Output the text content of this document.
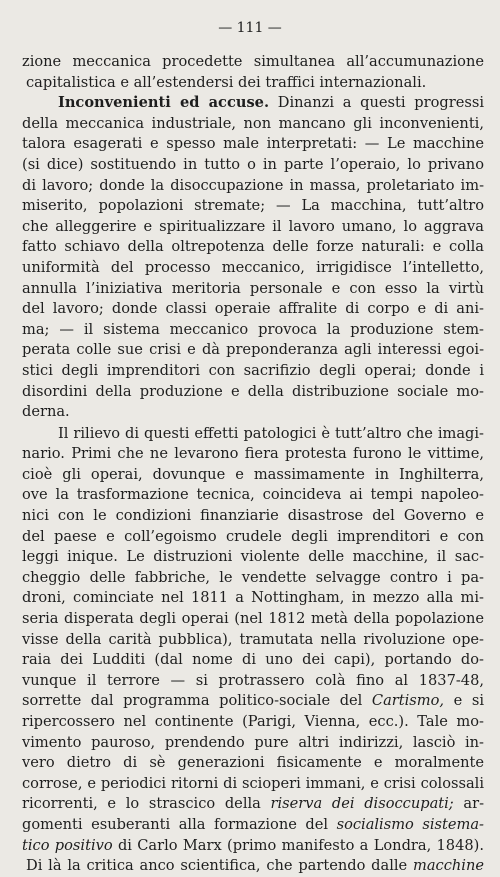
— 111 —
zione meccanica procedette simultanea all’accumunazione
capitalistica e all’estendersi dei traffici internazionali.
Inconvenienti ed accuse. Dinanzi a questi progressi
della meccanica industriale, non mancano gli inconvenienti,
talora esagerati e spesso male interpretati: — Le macchine
(si dice) sostituendo in tutto o in parte l’operaio, lo privano
di lavoro; donde la disoccupazione in massa, proletariato im-
miserito, popolazioni stremate; — La macchina, tutt’altro
che alleggerire e spiritualizzare il lavoro umano, lo aggrava
fatto schiavo della oltrepotenza delle forze naturali: e colla
uniformità del processo meccanico, irrigidisce l’intelletto,
annulla l’iniziativa meritoria personale e con esso la virtù
del lavoro; donde classi operaie affralite di corpo e di ani-
ma; — il sistema meccanico provoca la produzione stem-
perata colle sue crisi e dà preponderanza agli interessi egoi-
stici degli imprenditori con sacrifizio degli operai; donde i
disordini della produzione e della distribuzione sociale mo-
derna.
Il rilievo di questi effetti patologici è tutt’altro che imagi-
nario. Primi che ne levarono fiera protesta furono le vittime,
cioè gli operai, dovunque e massimamente in Inghilterra,
ove la trasformazione tecnica, coincideva ai tempi napoleo-
nici con le condizioni finanziarie disastrose del Governo e
del paese e coll’egoismo crudele degli imprenditori e con
leggi inique. Le distruzioni violente delle macchine, il sac-
cheggio delle fabbriche, le vendette selvagge contro i pa-
droni, cominciate nel 1811 a Nottingham, in mezzo alla mi-
seria disperata degli operai (nel 1812 metà della popolazione
visse della carità pubblica), tramutata nella rivoluzione ope-
raia dei Ludditi (dal nome di uno dei capi), portando do-
vunque il terrore — si protrassero colà fino al 1837-48,
sorrette dal programma politico-sociale del Cartismo, e si
ripercossero nel continente (Parigi, Vienna, ecc.). Tale mo-
vimento pauroso, prendendo pure altri indirizzi, lasciò in-
vero dietro di sè generazioni fisicamente e moralmente
corrose, e periodici ritorni di scioperi immani, e crisi colossali
ricorrenti, e lo strascico della riserva dei disoccupati; ar-
gomenti esuberanti alla formazione del socialismo sistema-
tico positivo di Carlo Marx (primo manifesto a Londra, 1848).
Di là la critica anco scientifica, che partendo dalle macchine
